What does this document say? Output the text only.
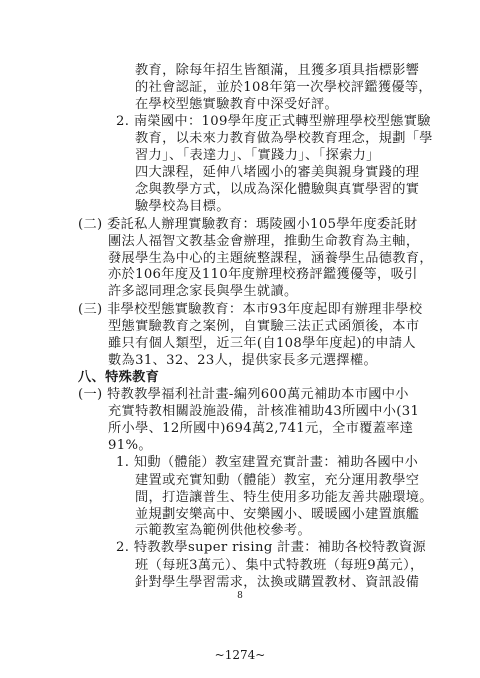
教育，除每年招生皆額滿，且獲多項具指標影響
的社會認証，並於108年第一次學校評鑑獲優等，
在學校型態實驗教育中深受好評。
2. 南榮國中：109學年度正式轉型辦理學校型態實驗
教育，以未來力教育做為學校教育理念，規劃「學
習力」、「表達力」、「實踐力」、「探索力」
四大課程，延伸八堵國小的審美與親身實踐的理
念與教學方式，以成為深化體驗與真實學習的實
驗學校為目標。
(二) 委託私人辦理實驗教育：瑪陵國小105學年度委託財
團法人福智文教基金會辦理，推動生命教育為主軸，
發展學生為中心的主題統整課程，涵養學生品德教育，
亦於106年度及110年度辦理校務評鑑獲優等，吸引
許多認同理念家長與學生就讀。
(三) 非學校型態實驗教育：本市93年度起即有辦理非學校
型態實驗教育之案例，自實驗三法正式函頒後，本市
雖只有個人類型，近三年(自108學年度起)的申請人
數為31、32、23人，提供家長多元選擇權。
八、特殊教育
(一) 特教教學福利社計畫-編列600萬元補助本市國中小
充實特教相關設施設備，計核准補助43所國中小(31
所小學、12所國中)694萬2,741元，全市覆蓋率達
91%。
1. 知動（體能）教室建置充實計畫：補助各國中小
建置或充實知動（體能）教室，充分運用教學空
間，打造讓普生、特生使用多功能友善共融環境。
並規劃安樂高中、安樂國小、暖暖國小建置旗艦
示範教室為範例供他校參考。
2. 特教教學super rising 計畫：補助各校特教資源
班（每班3萬元）、集中式特教班（每班9萬元），
針對學生學習需求，汰換或購置教材、資訊設備
8
~1274~
